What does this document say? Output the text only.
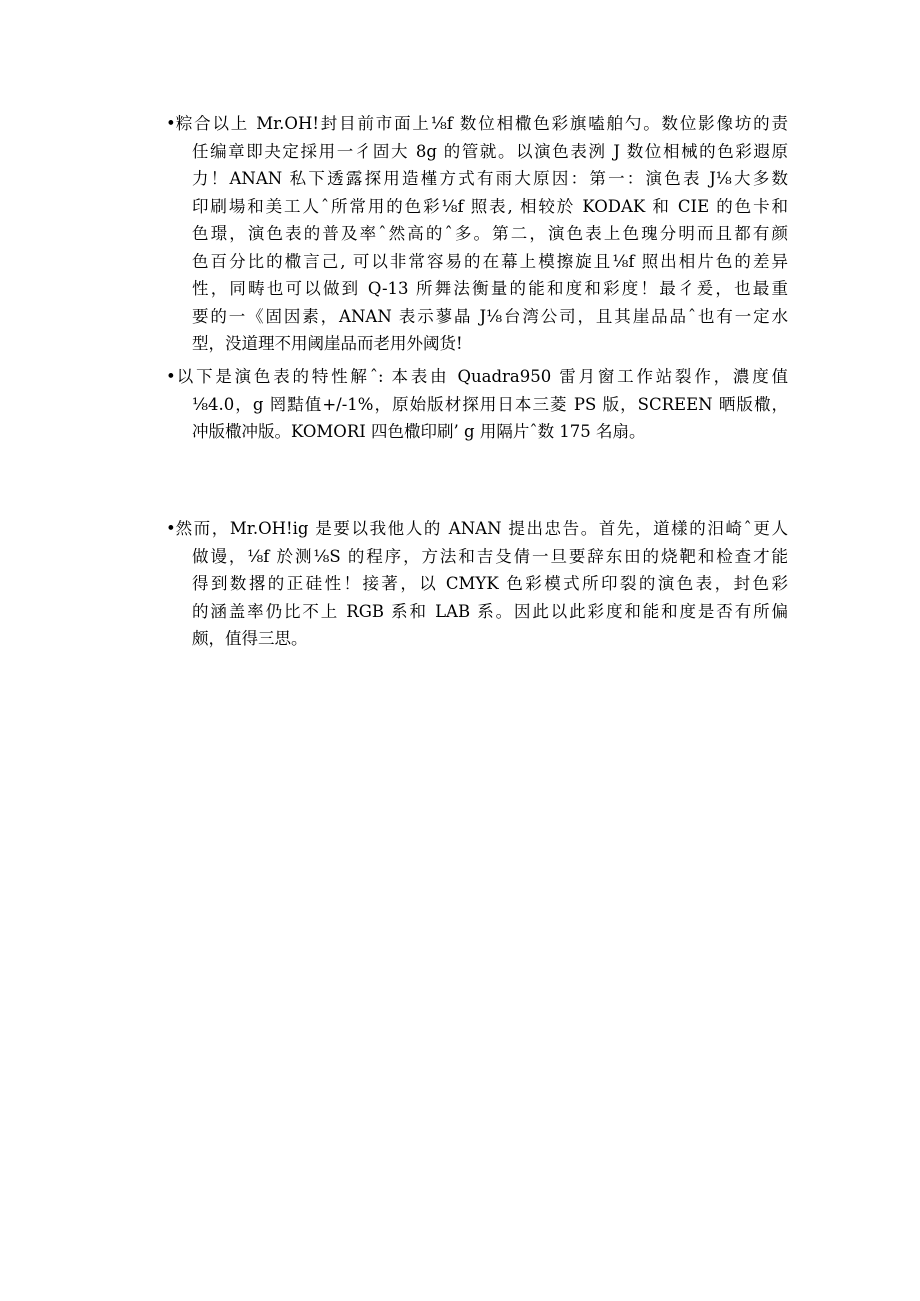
•粽合以上 Mr.OH!封目前市面上⅛f 数位相橵色彩旗嗑舶勺。数位影像坊的责
任编章即夬定採用一彳固大 8g 的管就。以演色表洌 J 数位相械的色彩遐原
力！ANAN 私下透露探用造槿方式有雨大原因：第一：演色表 J⅛大多数
印刷場和美工人ˆ所常用的色彩⅛f 照表, 相较於 KODAK 和 CIE 的色卡和
色璟，演色表的普及率ˆ然高的ˆ多。第二，演色表上色瑰分明而且都有颜
色百分比的橵言己, 可以非常容易的在幕上模擦旋且⅛f 照出相片色的差异
性，同畴也可以做到 Q-13 所舞法衡量的能和度和彩度！最彳爰，也最重
要的一《固因素，ANAN 表示蓼晶 J⅛台湾公司，且其崖品品ˆ也有一定水
型，没道理不用阈崖品而老用外阈货!
•以下是演色表的特性解ˆ: 本表由 Quadra950 雷月窗工作站裂作，濃度值
⅛4.0，g 罔黠值+/-1%，原始版材探用日本三菱 PS 版，SCREEN 晒版橵，
冲版橵冲版。KOMORI 四色橵印刷’ g 用隔片ˆ数 175 名扇。
•然而，Mr.OH!ig 是要以我他人的 ANAN 提出忠告。首先，道樣的汨崎ˆ更人
做谩，⅛f 於测⅛S 的程序，方法和吉殳倩一旦要辞东田的烧靶和检查才能
得到数撂的正硅性！接著，以 CMYK 色彩模式所印裂的演色表，封色彩
的涵盖率仍比不上 RGB 系和 LAB 系。因此以此彩度和能和度是否有所偏
颇，值得三思。
